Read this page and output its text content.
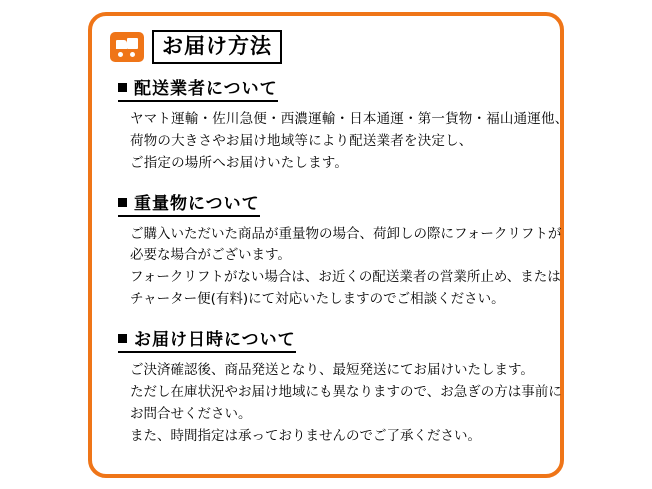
お届け方法
配送業者について

ヤマト運輸・佐川急便・西濃運輸・日本通運・第一貨物・福山通運他、

荷物の大きさやお届け地域等により配送業者を決定し、

ご指定の場所へお届けいたします。

重量物について

ご購入いただいた商品が重量物の場合、荷卸しの際にフォークリフトが

必要な場合がございます。

フォークリフトがない場合は、お近くの配送業者の営業所止め、または

チャーター便(有料)にて対応いたしますのでご相談ください。

お届け日時について

ご決済確認後、商品発送となり、最短発送にてお届けいたします。

ただし在庫状況やお届け地域にも異なりますので、お急ぎの方は事前に

お問合せください。

また、時間指定は承っておりませんのでご了承ください。
